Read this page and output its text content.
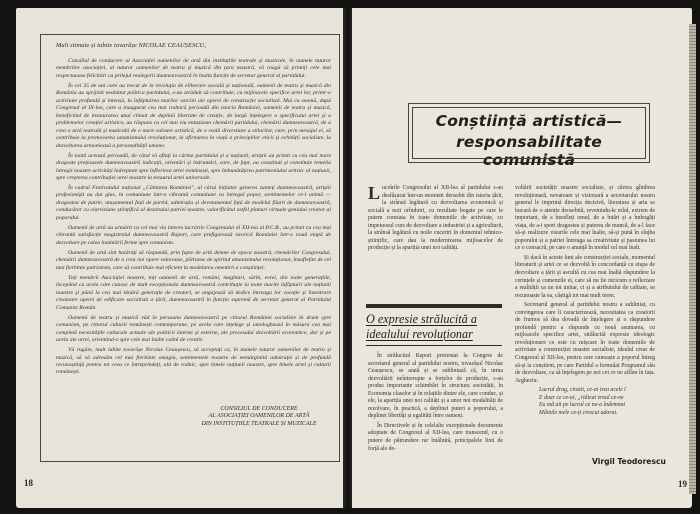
Mult stimate și iubite tovarășe NICOLAE CEAUȘESCU,

Consiliul de conducere al Asociației oamenilor de artă din instituțiile teatrale și muzicale, în numele tuturor membrilor asociației, al tuturor oamenilor de teatru și muzică din țara noastră, vă roagă să primiți cele mai respectuoase felicitări cu prilejul realegerii dumneavoastră în înalta funcție de secretar general al partidului.

În cei 35 de ani care au trecut de la revoluția de eliberare socială și națională, oamenii de teatru și muzică din România au sprijinit neabătut politica partidului, s-au străduit să contribuie, cu mijloacele specifice artei lor, printr-o activitate profundă și intensă, la înfăptuirea marilor sarcini ale operei de construcție socialistă. Mai cu seamă, după Congresul al IX-lea, care a inaugurat cea mai rodnică perioadă din istoria României, oamenii de teatru și muzică, beneficiind de instaurarea unui climat de deplină libertate de creație, de largă înțelegere a specificului artei și a problemelor creației artistice, au răspuns cu cel mai viu entuziasm chemării partidului, chemării dumneavoastră, de a crea o artă teatrală și muzicală de o mare valoare artistică, de o reală diversitate a stilurilor, care, prin mesajul ei, să contribuie la promovarea umanismului revoluționar, la afirmarea în viață a principiilor eticii și echității socialiste, la dezvoltarea armonioasă a personalității umane.

În toată această perioadă, de când vă aflați la cârma partidului și a națiunii, artiștii au primit cu cea mai mare dragoste prețioasele dumneavoastră indicații, orientări și îndrumări, care, de fapt, au constituit și constituie temelia întregii noastre activități îndreptate spre înflorirea artei românești, spre îmbunătățirea patrimoniului artistic al națiunii, spre creșterea contribuției artei noastre la tezaurul artei universale.

În cadrul Festivalului național „Cântarea României", al cărui inițiator generos sunteți dumneavoastră, artiștii profesioniști au dat glas, în comuniune intr-o vibrantă comuniune cu întregul popor, sentimentelor ce-i animă — dragostea de patrie, atașamentul față de partid, admirația și devotamentul față de modelul făurit de dumneavoastră, conducător cu clarviziune științifică al destinului patriei noastre, valorificând astfel planuri virtuale geniului creator al poporului.

Oamenii de artă au urmărit cu cel mai viu interes lucrările Congresului al XII-lea al P.C.R., au primit cu cea mai vibrantă satisfacție magistralul dumneavoastră Raport, care prefigurează istorică României într-o nouă etapă de dezvoltare pe calea înaintării ferme spre comunism.

Oamenii de artă sînt hotărâți să răspundă, prin fapte de artă demne de epoca noastră, chemărilor Congresului, chemării dumneavoastră de a crea noi opere valoroase, pătrunse de spiritul umanismului revoluționar, însuflețite de cel mai fierbinte patriotism, care să contribuie mai eficient la modelarea omenirii a conștiinței.

Toți membrii Asociației noastre, toți oamenii de artă, români, maghiari, sârbi, evrei, din toate generațiile, începând cu acela care cunosc de mult excepționala dumneavoastră contribuție la toate marile înfăptuiri ale națiunii noastre și până la cea mai tânără generație de creatori, se angajează să dedice întreaga lor vocație și înzestrare creatoare operei de edificare socialistă a țării, dumneavoastră în funcția supremă de secretar general al Partidului Comunist Român.

Oamenii de teatru și muzică văd în persoana dumneavoastră pe ctitorul României socialiste în drum spre comunism, pe ctitorul culturii românești contemporane, pe acela care înțelege și omologhează în măsura cea mai completă necesitățile culturale actuale ale politicii interne și externe, ale procesului dezvoltării economice, dar și pe acela ale artei, orientând-o spre cele mai înalte culmi de creativ.

Vă rugăm, mult iubite tovarășe Nicolae Ceaușescu, să acceptați ca, în numele tuturor oamenilor de teatru și muzică, să vă adresăm cel mai fierbinte omagiu, sentimentele noastre de nemărginită admirație și de profundă recunoștință pentru tot ceea ce întreprindeți, alit de rodnic, spre binele națiunii noastre, spre binele artei și culturii românești.

CONSILIUL DE CONDUCERE
AL ASOCIAȚIEI OAMENILOR DE ARTĂ
DIN INSTITUȚIILE TEATRALE ȘI MUZICALE
18
Conștiință artistică—
responsabilitate comunistă

Lucrările Congresului al XII-lea al partidului s-au desfășurat într-un moment deosebit din istoria țării, la strânsă legătură cu dezvoltarea economică și socială a noii orînduiri, cu rezultate bogate pe care le putem constata în toate domeniile de activitate, cu impetuosul curs de dezvoltare a industriei și a agriculturii, la strânsă legătură cu noile cuceriri în domeniul tehnico-științific, care dau la modernizarea mijloacelor de producție și la apariția unei noi calități.

O expresie strălucită a
idealului revoluționar

În strălucitul Raport prezentat la Congres de secretarul general al partidului nostru, tovarășul Nicolae Ceaușescu, se arată și se subliniază că, în urma dezvoltării neîntrerupte a forțelor de producție, s-au produs importante schimbări în structura societății, în Economia claselor și în relațiile dintre ele, care conduc, și ele, la apariția unei noi calități și a unor noi modalități de rezolvare, în practică, a deplinei puteri a poporului, a deplinei libertăți și egalități între oameni.

În Directivele și în celelalte excepționale documente adoptate de Congresul al XII-lea, care transcend, cu o putere de pătrundere rar întâlnită, principalele linii de forță ale de-

voltării societății noastre socialiste, și cărora gîndirea revoluționară, novatoare și vizionară a secretarului nostru general le imprimă direcția decisivă, literatura și arta se bucură de o atenție deosebită, revenindu-le rolul, extrem de important, de a însufleți omul, de a întări și a îmbogăți viața, de a-i spori dragostea și puterea de muncă, de a-l face să-și realizeze visurile cele mai înalte, să-și pună în slujba poporului și a patriei întreaga sa creativitate și pasiunea lui ce o consacră, pe care o anunță în modul cel mai înalt.

Și dacă în aceste luni ale construcției sociale, momentul literaturii și artei ce se dezvoltă în concordanță cu etapa de dezvoltare a țării și ascultă cu cea mai înaltă răspundere la cerințele și comenzile ei, care să nu fie nicicum o reflectare a realității ca un tot unitar, ci și a atributului de calitate, se recunoaște la ea, câștigă tot mai mult teren.

Secretarul general al partidului nostru a subliniat, cu convingerea care îi caracterizează, necesitatea ca creatorii de frumos să dea dovadă de înțelegere și o răspundere profundă pentru a răspunde cu nouă asumarea, cu mijloacele specifice artei, strălucită expresie ideologic revoluționare ce este cu mișcare în toate domeniile de activitate a construcției noastre socialiste, idealul creat de Congresul al XII-lea, pentru care cunoaște a poporul întreg să-și ia conștient, pe care Partidul a formulat Programul său de dezvoltare, ca să înțelegem pe noi cei ce ne aflăm în fața. Argheziu:

Lucrul drag, cinstit, ce-ai trea acele l
E doar ce ce-ai, „ridicat eroul ce-ne
Eu mă uit pe lucrul ce ne-a îndemnat
Mâinile mele ce-ți crescut adorat.
Virgil Teodorescu
19
